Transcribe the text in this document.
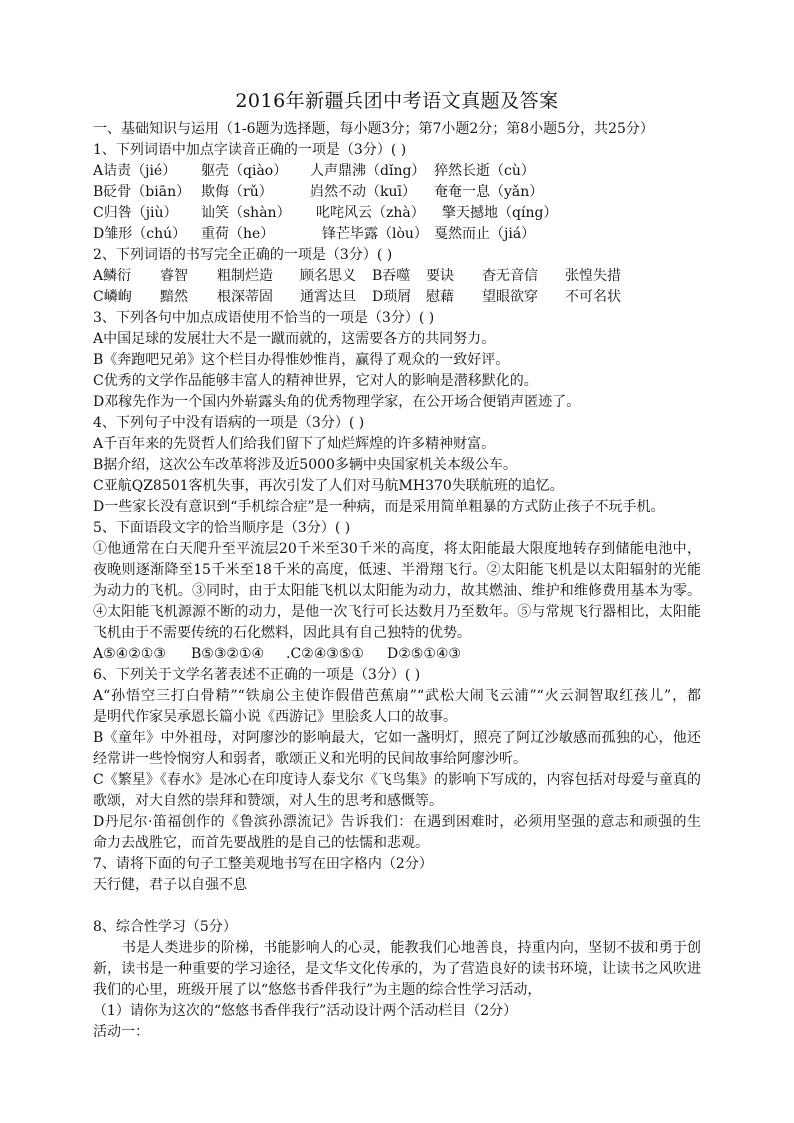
2016年新疆兵团中考语文真题及答案
一、基础知识与运用（1-6题为选择题，每小题3分；第7小题2分；第8小题5分，共25分）
1、下列词语中加点字读音正确的一项是（3分）( )
A诘责（jié） 躯壳（qiào） 人声鼎沸（dǐng） 猝然长逝（cù）
B砭骨（biān） 欺侮（rǔ）	岿然不动（kuī） 奄奄一息（yǎn）
C归咎（jiù） 讪笑（shàn） 叱咤风云（zhà） 擎天撼地（qíng）
D雏形（chú） 重荷（he）	锋芒毕露（lòu） 戛然而止（jiá）
2、下列词语的书写完全正确的一项是（3分）( )
A鳞衍 睿智 粗制烂造 顾名思义 B吞噬 要诀 杳无音信 张惶失措
C嶙峋 黯然 根深蒂固 通霄达旦 D琐屑 慰藉 望眼欲穿 不可名状
3、下列各句中加点成语使用不恰当的一项是（3分）( )
A中国足球的发展壮大不是一蹴而就的，这需要各方的共同努力。
B《奔跑吧兄弟》这个栏目办得惟妙惟肖，赢得了观众的一致好评。
C优秀的文学作品能够丰富人的精神世界，它对人的影响是潜移默化的。
D邓稼先作为一个国内外崭露头角的优秀物理学家，在公开场合便销声匿迹了。
4、下列句子中没有语病的一项是（3分）( )
A千百年来的先贤哲人们给我们留下了灿烂辉煌的许多精神财富。
B据介绍，这次公车改革将涉及近5000多辆中央国家机关本级公车。
C亚航QZ8501客机失事，再次引发了人们对马航MH370失联航班的追忆。
D一些家长没有意识到“手机综合症”是一种病，而是采用简单粗暴的方式防止孩子不玩手机。
5、下面语段文字的恰当顺序是（3分）( )
①他通常在白天爬升至平流层20千米至30千米的高度，将太阳能最大限度地转存到储能电池中，
夜晚则逐渐降至15千米至18千米的高度，低速、半滑翔飞行。②太阳能飞机是以太阳辐射的光能
为动力的飞机。③同时，由于太阳能飞机以太阳能为动力，故其燃油、维护和维修费用基本为零。
④太阳能飞机源源不断的动力，是他一次飞行可长达数月乃至数年。⑤与常规飞行器相比，太阳能
飞机由于不需要传统的石化燃料，因此具有自己独特的优势。
A⑤④②①③ B⑤③②①④ .C②④③⑤① D②⑤①④③
6、下列关于文学名著表述不正确的一项是（3分）( )
A“孙悟空三打白骨精”“铁扇公主使诈假借芭蕉扇”“武松大闹飞云浦”“火云洞智取红孩儿”，都
是明代作家吴承恩长篇小说《西游记》里脍炙人口的故事。
B《童年》中外祖母，对阿廖沙的影响最大，它如一盏明灯，照亮了阿辽沙敏感而孤独的心，他还
经常讲一些怜悯穷人和弱者，歌颂正义和光明的民间故事给阿廖沙听。
C《繁星》《春水》是冰心在印度诗人泰戈尔《飞鸟集》的影响下写成的，内容包括对母爱与童真的
歌颂，对大自然的崇拜和赞颂，对人生的思考和感慨等。
D丹尼尔·笛福创作的《鲁滨孙漂流记》告诉我们：在遇到困难时，必须用坚强的意志和顽强的生
命力去战胜它，而首先要战胜的是自己的怯懦和悲观。
7、请将下面的句子工整美观地书写在田字格内（2分）
天行健，君子以自强不息
8、综合性学习（5分）
书是人类进步的阶梯，书能影响人的心灵，能教我们心地善良，持重内向，坚韧不拔和勇于创
新，读书是一种重要的学习途径，是文华文化传承的，为了营造良好的读书环境，让读书之风吹进
我们的心里，班级开展了以“悠悠书香伴我行”为主题的综合性学习活动，
（1）请你为这次的“悠悠书香伴我行”活动设计两个活动栏目（2分）
活动一：
